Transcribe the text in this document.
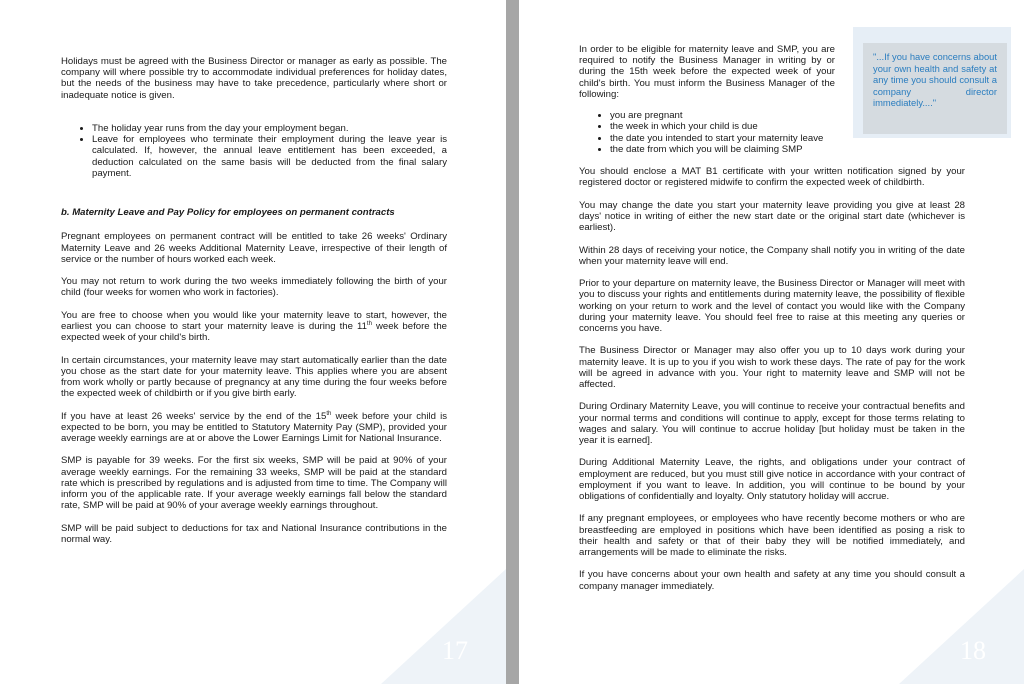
Holidays must be agreed with the Business Director or manager as early as possible. The company will where possible try to accommodate individual preferences for holiday dates, but the needs of the business may have to take precedence, particularly where short or inadequate notice is given.

• The holiday year runs from the day your employment began.
• Leave for employees who terminate their employment during the leave year is calculated. If, however, the annual leave entitlement has been exceeded, a deduction calculated on the same basis will be deducted from the final salary payment.
b. Maternity Leave and Pay Policy for employees on permanent contracts

Pregnant employees on permanent contract will be entitled to take 26 weeks' Ordinary Maternity Leave and 26 weeks Additional Maternity Leave, irrespective of their length of service or the number of hours worked each week.

You may not return to work during the two weeks immediately following the birth of your child (four weeks for women who work in factories).

You are free to choose when you would like your maternity leave to start, however, the earliest you can choose to start your maternity leave is during the 11th week before the expected week of your child's birth.

In certain circumstances, your maternity leave may start automatically earlier than the date you chose as the start date for your maternity leave. This applies where you are absent from work wholly or partly because of pregnancy at any time during the four weeks before the expected week of childbirth or if you give birth early.

If you have at least 26 weeks' service by the end of the 15th week before your child is expected to be born, you may be entitled to Statutory Maternity Pay (SMP), provided your average weekly earnings are at or above the Lower Earnings Limit for National Insurance.

SMP is payable for 39 weeks. For the first six weeks, SMP will be paid at 90% of your average weekly earnings. For the remaining 33 weeks, SMP will be paid at the standard rate which is prescribed by regulations and is adjusted from time to time. The Company will inform you of the applicable rate. If your average weekly earnings fall below the standard rate, SMP will be paid at 90% of your average weekly earnings throughout.

SMP will be paid subject to deductions for tax and National Insurance contributions in the normal way.

17
"...If you have concerns about your own health and safety at any time you should consult a company director immediately...."

In order to be eligible for maternity leave and SMP, you are required to notify the Business Manager in writing by or during the 15th week before the expected week of your child's birth. You must inform the Business Manager of the following:

• you are pregnant
• the week in which your child is due
• the date you intended to start your maternity leave
• the date from which you will be claiming SMP

You should enclose a MAT B1 certificate with your written notification signed by your registered doctor or registered midwife to confirm the expected week of childbirth.

You may change the date you start your maternity leave providing you give at least 28 days' notice in writing of either the new start date or the original start date (whichever is earliest).

Within 28 days of receiving your notice, the Company shall notify you in writing of the date when your maternity leave will end.

Prior to your departure on maternity leave, the Business Director or Manager will meet with you to discuss your rights and entitlements during maternity leave, the possibility of flexible working on your return to work and the level of contact you would like with the Company during your maternity leave. You should feel free to raise at this meeting any queries or concerns you have.

The Business Director or Manager may also offer you up to 10 days work during your maternity leave. It is up to you if you wish to work these days. The rate of pay for the work will be agreed in advance with you. Your right to maternity leave and SMP will not be affected.

During Ordinary Maternity Leave, you will continue to receive your contractual benefits and your normal terms and conditions will continue to apply, except for those terms relating to wages and salary. You will continue to accrue holiday [but holiday must be taken in the year it is earned].

During Additional Maternity Leave, the rights, and obligations under your contract of employment are reduced, but you must still give notice in accordance with your contract of employment if you want to leave. In addition, you will continue to be bound by your obligations of confidentially and loyalty. Only statutory holiday will accrue.

If any pregnant employees, or employees who have recently become mothers or who are breastfeeding are employed in positions which have been identified as posing a risk to their health and safety or that of their baby they will be notified immediately, and arrangements will be made to eliminate the risks.

If you have concerns about your own health and safety at any time you should consult a company manager immediately.

18
